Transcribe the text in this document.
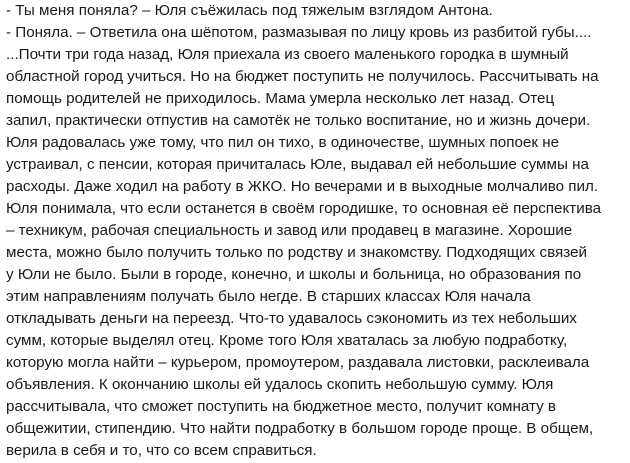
- Ты меня поняла? – Юля съёжилась под тяжелым взглядом Антона.
- Поняла. – Ответила она шёпотом, размазывая по лицу кровь из разбитой губы....
...Почти три года назад, Юля приехала из своего маленького городка в шумный
областной город учиться. Но на бюджет поступить не получилось. Рассчитывать на
помощь родителей не приходилось. Мама умерла несколько лет назад. Отец
запил, практически отпустив на самотёк не только воспитание, но и жизнь дочери.
Юля радовалась уже тому, что пил он тихо, в одиночестве, шумных попоек не
устраивал, с пенсии, которая причиталась Юле, выдавал ей небольшие суммы на
расходы. Даже ходил на работу в ЖКО. Но вечерами и в выходные молчаливо пил.
Юля понимала, что если останется в своём городишке, то основная её перспектива
– техникум, рабочая специальность и завод или продавец в магазине. Хорошие
места, можно было получить только по родству и знакомству. Подходящих связей
у Юли не было. Были в городе, конечно, и школы и больница, но образования по
этим направлениям получать было негде. В старших классах Юля начала
откладывать деньги на переезд. Что-то удавалось сэкономить из тех небольших
сумм, которые выделял отец. Кроме того Юля хваталась за любую подработку,
которую могла найти – курьером, промоутером, раздавала листовки, расклеивала
объявления. К окончанию школы ей удалось скопить небольшую сумму. Юля
рассчитывала, что сможет поступить на бюджетное место, получит комнату в
общежитии, стипендию. Что найти подработку в большом городе проще. В общем,
верила в себя и то, что со всем справиться.
